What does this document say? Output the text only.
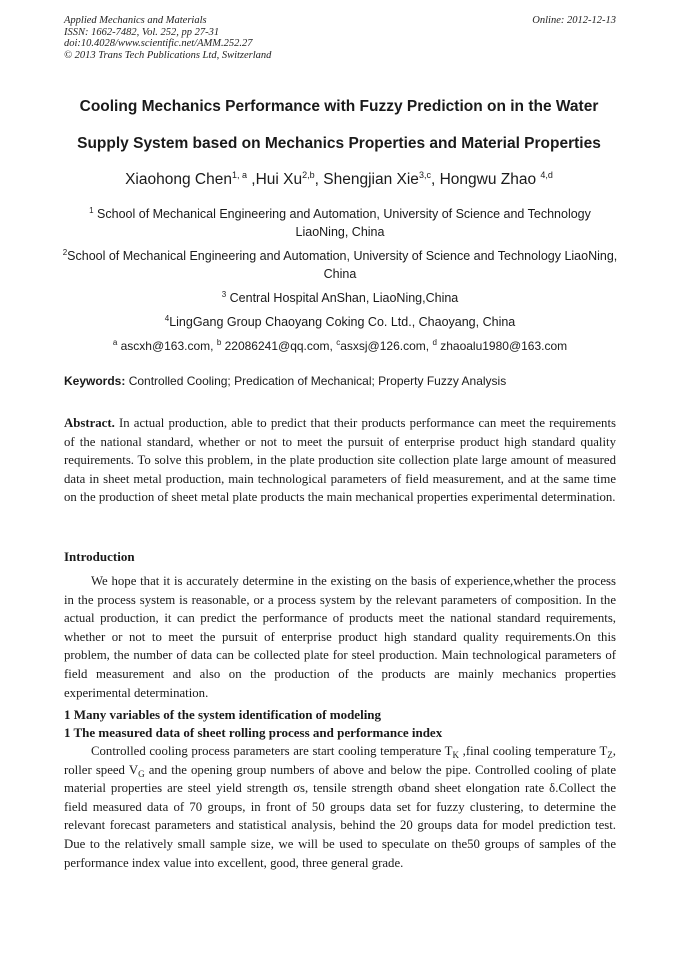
Applied Mechanics and Materials
ISSN: 1662-7482, Vol. 252, pp 27-31
doi:10.4028/www.scientific.net/AMM.252.27
© 2013 Trans Tech Publications Ltd, Switzerland
Online: 2012-12-13
Cooling Mechanics Performance with Fuzzy Prediction on in the Water
Supply System based on Mechanics Properties and Material Properties
Xiaohong Chen$^{1, a}$ ,Hui Xu$^{2,b}$, Shengjian Xie$^{3,c}$, Hongwu Zhao $^{4,d}$
$^1$ School of Mechanical Engineering and Automation, University of Science and Technology LiaoNing, China
$^2$School of Mechanical Engineering and Automation, University of Science and Technology LiaoNing, China
$^3$ Central Hospital AnShan, LiaoNing,China
$^4$LingGang Group Chaoyang Coking Co. Ltd., Chaoyang, China
$^a$ ascxh@163.com, $^b$ 22086241@qq.com, $^c$asxsj@126.com, $^d$ zhaoalu1980@163.com
Keywords: Controlled Cooling; Predication of Mechanical; Property Fuzzy Analysis
Abstract. In actual production, able to predict that their products performance can meet the requirements of the national standard, whether or not to meet the pursuit of enterprise product high standard quality requirements. To solve this problem, in the plate production site collection plate large amount of measured data in sheet metal production, main technological parameters of field measurement, and at the same time on the production of sheet metal plate products the main mechanical properties experimental determination.
Introduction
We hope that it is accurately determine in the existing on the basis of experience,whether the process in the process system is reasonable, or a process system by the relevant parameters of composition. In the actual production, it can predict the performance of products meet the national standard requirements, whether or not to meet the pursuit of enterprise product high standard quality requirements.On this problem, the number of data can be collected plate for steel production. Main technological parameters of field measurement and also on the production of the products are mainly mechanics properties experimental determination.
1 Many variables of the system identification of modeling
1 The measured data of sheet rolling process and performance index
Controlled cooling process parameters are start cooling temperature $T_K$ ,final cooling temperature $T_Z$, roller speed $V_G$ and the opening group numbers of above and below the pipe. Controlled cooling of plate material properties are steel yield strength σs, tensile strength σband sheet elongation rate δ.Collect the field measured data of 70 groups, in front of 50 groups data set for fuzzy clustering, to determine the relevant forecast parameters and statistical analysis, behind the 20 groups data for model prediction test. Due to the relatively small sample size, we will be used to speculate on the50 groups of samples of the performance index value into excellent, good, three general grade.
